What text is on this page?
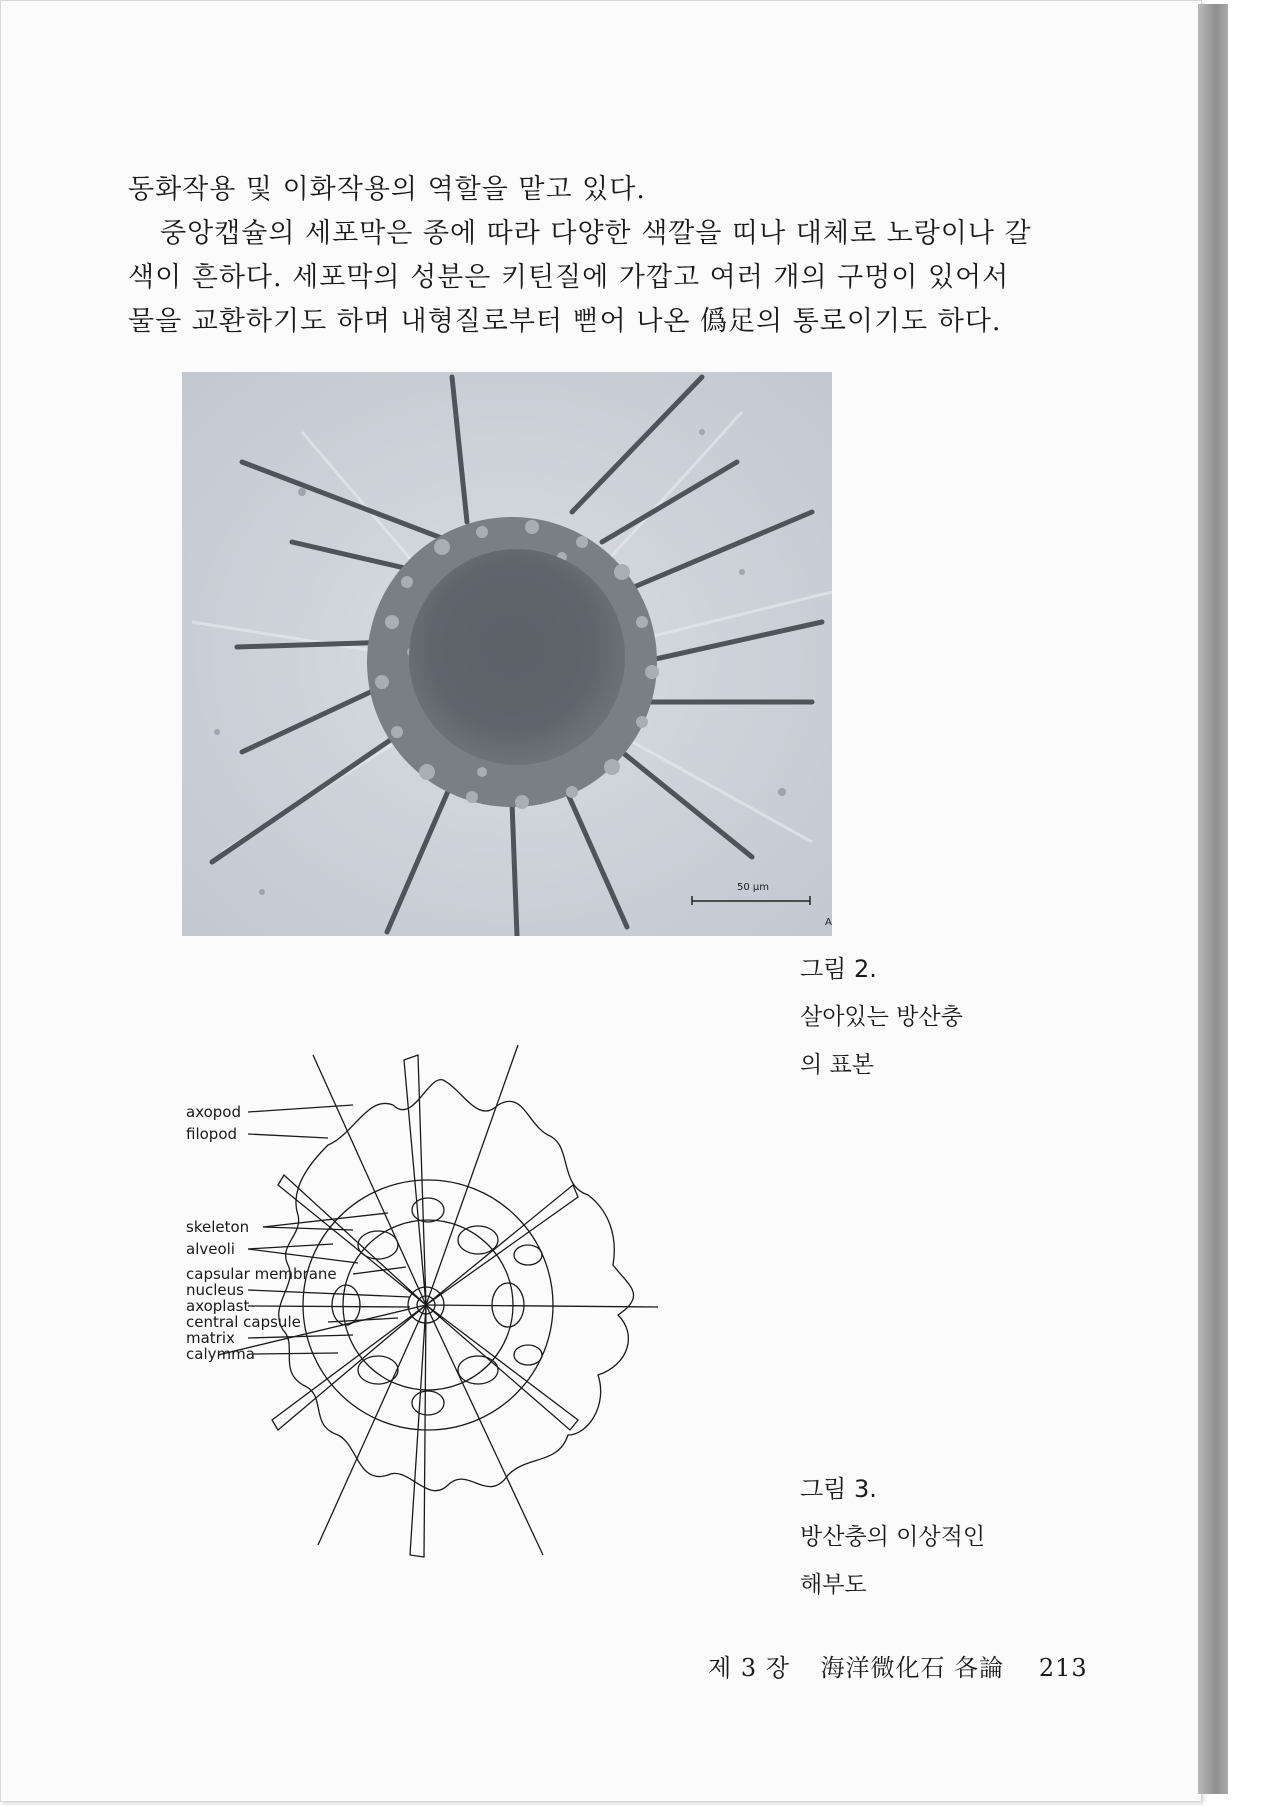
동화작용 및 이화작용의 역할을 맡고 있다.

중앙캡슐의 세포막은 종에 따라 다양한 색깔을 띠나 대체로 노랑이나 갈

색이 흔하다. 세포막의 성분은 키틴질에 가깝고 여러 개의 구멍이 있어서

물을 교환하기도 하며 내형질로부터 뻗어 나온 僞足의 통로이기도 하다.

50 μm
A
그림 2.
살아있는 방산충
의 표본
axopod
filopod
skeleton
alveoli
capsular membrane
nucleus
axoplast
central capsule
matrix
calymma
그림 3.
방산충의 이상적인
해부도
제 3 장 海洋微化石 各論 213
